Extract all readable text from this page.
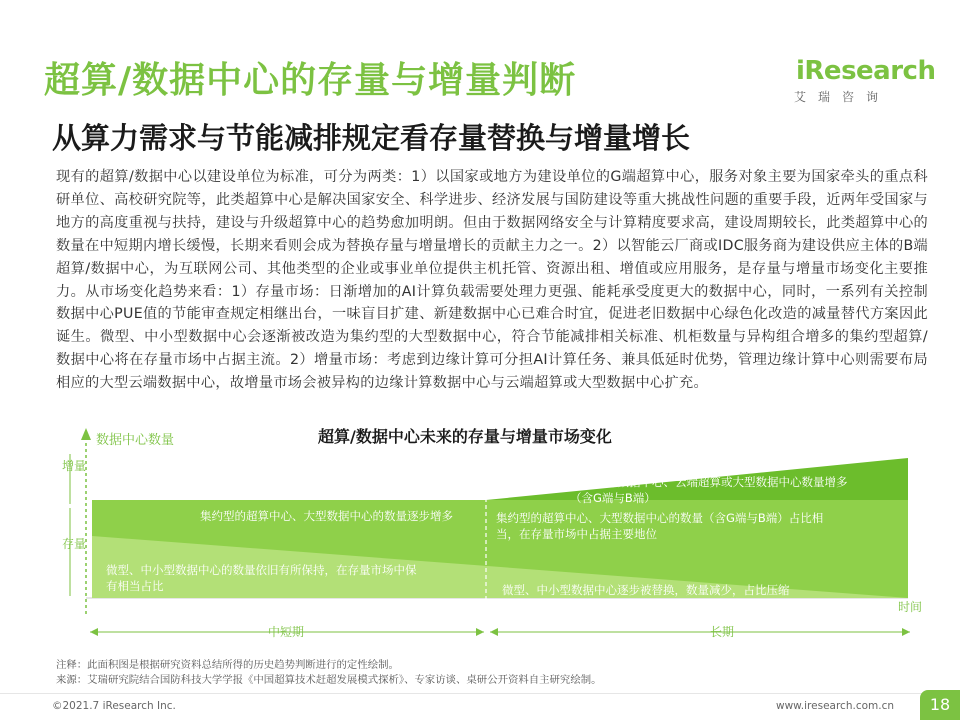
超算/数据中心的存量与增量判断
从算力需求与节能减排规定看存量替换与增量增长
iResearch
艾瑞咨询
现有的超算/数据中心以建设单位为标准，可分为两类：1）以国家或地方为建设单位的G端超算中心，服务对象主要为国家牵头的重点科研单位、高校研究院等，此类超算中心是解决国家安全、科学进步、经济发展与国防建设等重大挑战性问题的重要手段，近两年受国家与地方的高度重视与扶持，建设与升级超算中心的趋势愈加明朗。但由于数据网络安全与计算精度要求高，建设周期较长，此类超算中心的数量在中短期内增长缓慢，长期来看则会成为替换存量与增量增长的贡献主力之一。2）以智能云厂商或IDC服务商为建设供应主体的B端超算/数据中心，为互联网公司、其他类型的企业或事业单位提供主机托管、资源出租、增值或应用服务，是存量与增量市场变化主要推力。从市场变化趋势来看：1）存量市场：日渐增加的AI计算负载需要处理力更强、能耗承受度更大的数据中心，同时，一系列有关控制数据中心PUE值的节能审查规定相继出台，一味盲目扩建、新建数据中心已难合时宜，促进老旧数据中心绿色化改造的减量替代方案因此诞生。微型、中小型数据中心会逐渐被改造为集约型的大型数据中心，符合节能减排相关标准、机柜数量与异构组合增多的集约型超算/数据中心将在存量市场中占据主流。2）增量市场：考虑到边缘计算可分担AI计算任务、兼具低延时优势，管理边缘计算中心则需要布局相应的大型云端数据中心，故增量市场会被异构的边缘计算数据中心与云端超算或大型数据中心扩充。
超算/数据中心未来的存量与增量市场变化
增量
存量
数据中心数量
集约型的超算中心、大型数据中心的数量逐步增多
微型、中小型数据中心的数量依旧有所保持，在存量市场中保 有相当占比
新建的边缘数据中心、云端超算或大型数据中心数量增多 （含G端与B端）
集约型的超算中心、大型数据中心的数量（含G端与B端）占比相 当，在存量市场中占据主要地位
微型、中小型数据中心逐步被替换，数量减少，占比压缩
时间
中短期	长期
注释：此面积图是根据研究资料总结所得的历史趋势判断进行的定性绘制。
来源：艾瑞研究院结合国防科技大学学报《中国超算技术赶超发展模式探析》、专家访谈、桌研公开资料自主研究绘制。
©2021.7 iResearch Inc.	www.iresearch.com.cn	18
